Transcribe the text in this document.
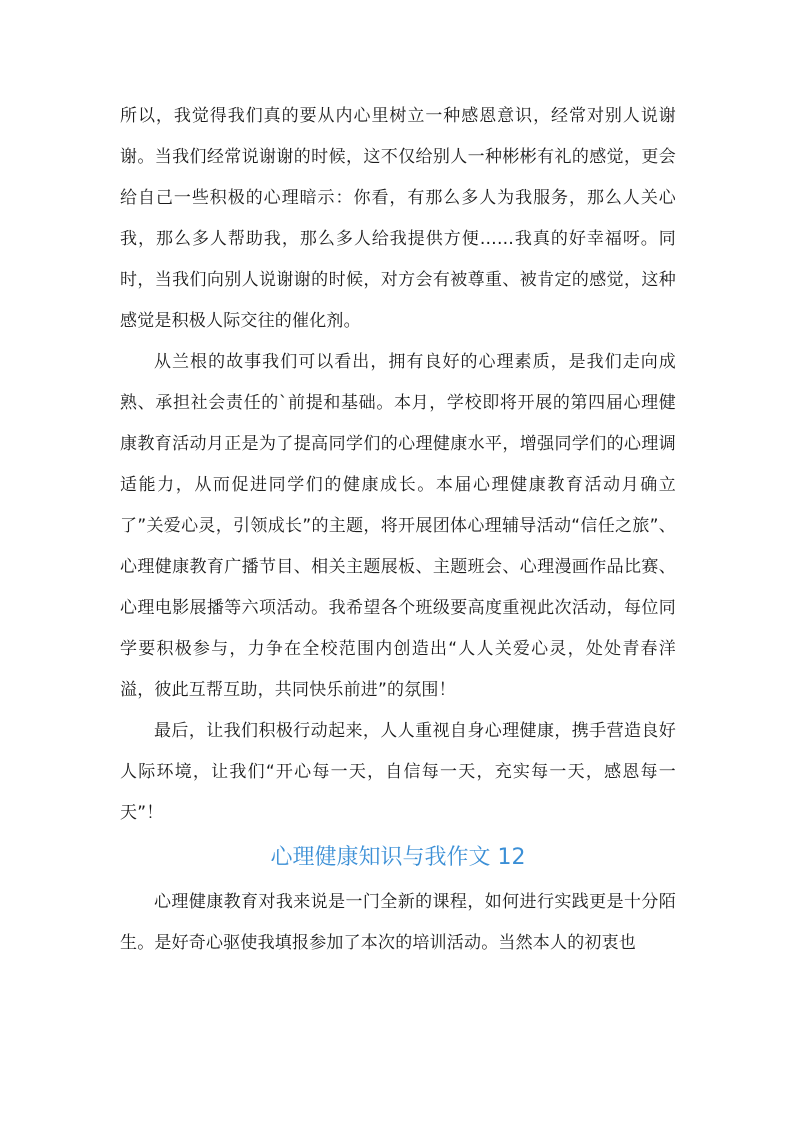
所以，我觉得我们真的要从内心里树立一种感恩意识，经常对别人说谢谢。当我们经常说谢谢的时候，这不仅给别人一种彬彬有礼的感觉，更会给自己一些积极的心理暗示：你看，有那么多人为我服务，那么人关心我，那么多人帮助我，那么多人给我提供方便……我真的好幸福呀。同时，当我们向别人说谢谢的时候，对方会有被尊重、被肯定的感觉，这种感觉是积极人际交往的催化剂。

从兰根的故事我们可以看出，拥有良好的心理素质，是我们走向成熟、承担社会责任的`前提和基础。本月，学校即将开展的第四届心理健康教育活动月正是为了提高同学们的心理健康水平，增强同学们的心理调适能力，从而促进同学们的健康成长。本届心理健康教育活动月确立了”关爱心灵，引领成长”的主题，将开展团体心理辅导活动“信任之旅”、心理健康教育广播节目、相关主题展板、主题班会、心理漫画作品比赛、心理电影展播等六项活动。我希望各个班级要高度重视此次活动，每位同学要积极参与，力争在全校范围内创造出“人人关爱心灵，处处青春洋溢，彼此互帮互助，共同快乐前进”的氛围！

最后，让我们积极行动起来，人人重视自身心理健康，携手营造良好人际环境，让我们“开心每一天，自信每一天，充实每一天，感恩每一天”！

心理健康知识与我作文 12

心理健康教育对我来说是一门全新的课程，如何进行实践更是十分陌生。是好奇心驱使我填报参加了本次的培训活动。当然本人的初衷也
